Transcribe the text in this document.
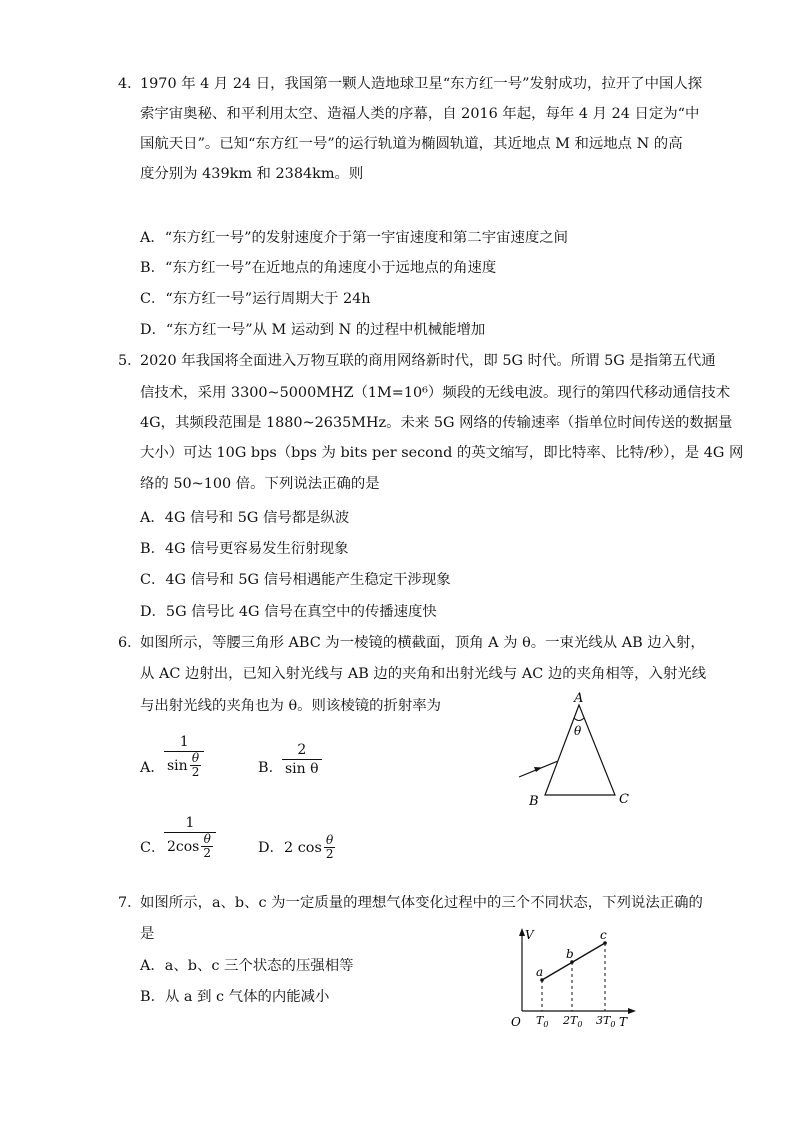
4．
1970 年 4 月 24 日，我国第一颗人造地球卫星“东方红一号”发射成功，拉开了中国人探
索宇宙奥秘、和平利用太空、造福人类的序幕，自 2016 年起，每年 4 月 24 日定为“中
国航天日”。已知“东方红一号”的运行轨道为椭圆轨道，其近地点 M 和远地点 N 的高
度分别为 439km 和 2384km。则
A．“东方红一号”的发射速度介于第一宇宙速度和第二宇宙速度之间
B．“东方红一号”在近地点的角速度小于远地点的角速度
C．“东方红一号”运行周期大于 24h
D．“东方红一号”从 M 运动到 N 的过程中机械能增加
5．
2020 年我国将全面进入万物互联的商用网络新时代，即 5G 时代。所谓 5G 是指第五代通
信技术，采用 3300~5000MHZ（1M=10⁶）频段的无线电波。现行的第四代移动通信技术
4G，其频段范围是 1880~2635MHz。未来 5G 网络的传输速率（指单位时间传送的数据量
大小）可达 10G bps（bps 为 bits per second 的英文缩写，即比特率、比特/秒），是 4G 网
络的 50~100 倍。下列说法正确的是
A．4G 信号和 5G 信号都是纵波
B．4G 信号更容易发生衍射现象
C．4G 信号和 5G 信号相遇能产生稳定干涉现象
D．5G 信号比 4G 信号在真空中的传播速度快
6．
如图所示，等腰三角形 ABC 为一棱镜的横截面，顶角 A 为 θ。一束光线从 AB 边入射，
从 AC 边射出，已知入射光线与 AB 边的夹角和出射光线与 AC 边的夹角相等，入射光线
与出射光线的夹角也为 θ。则该棱镜的折射率为
A． $\frac{1}{\sin \frac{\theta}{2}}$	B． $\frac{2}{\text{sin θ}}$
C．
$\frac{1}{2\cos \frac{\theta}{2}}$	D． 2 $\cos \frac{\theta}{2}$
A
θ
B	C
7．
如图所示，a、b、c 为一定质量的理想气体变化过程中的三个不同状态，下列说法正确的
是
A．a、b、c 三个状态的压强相等
B．从 a 到 c 气体的内能减小
V
T
O
a
b
c
$T_0$ $2T_0$ $3T_0$
